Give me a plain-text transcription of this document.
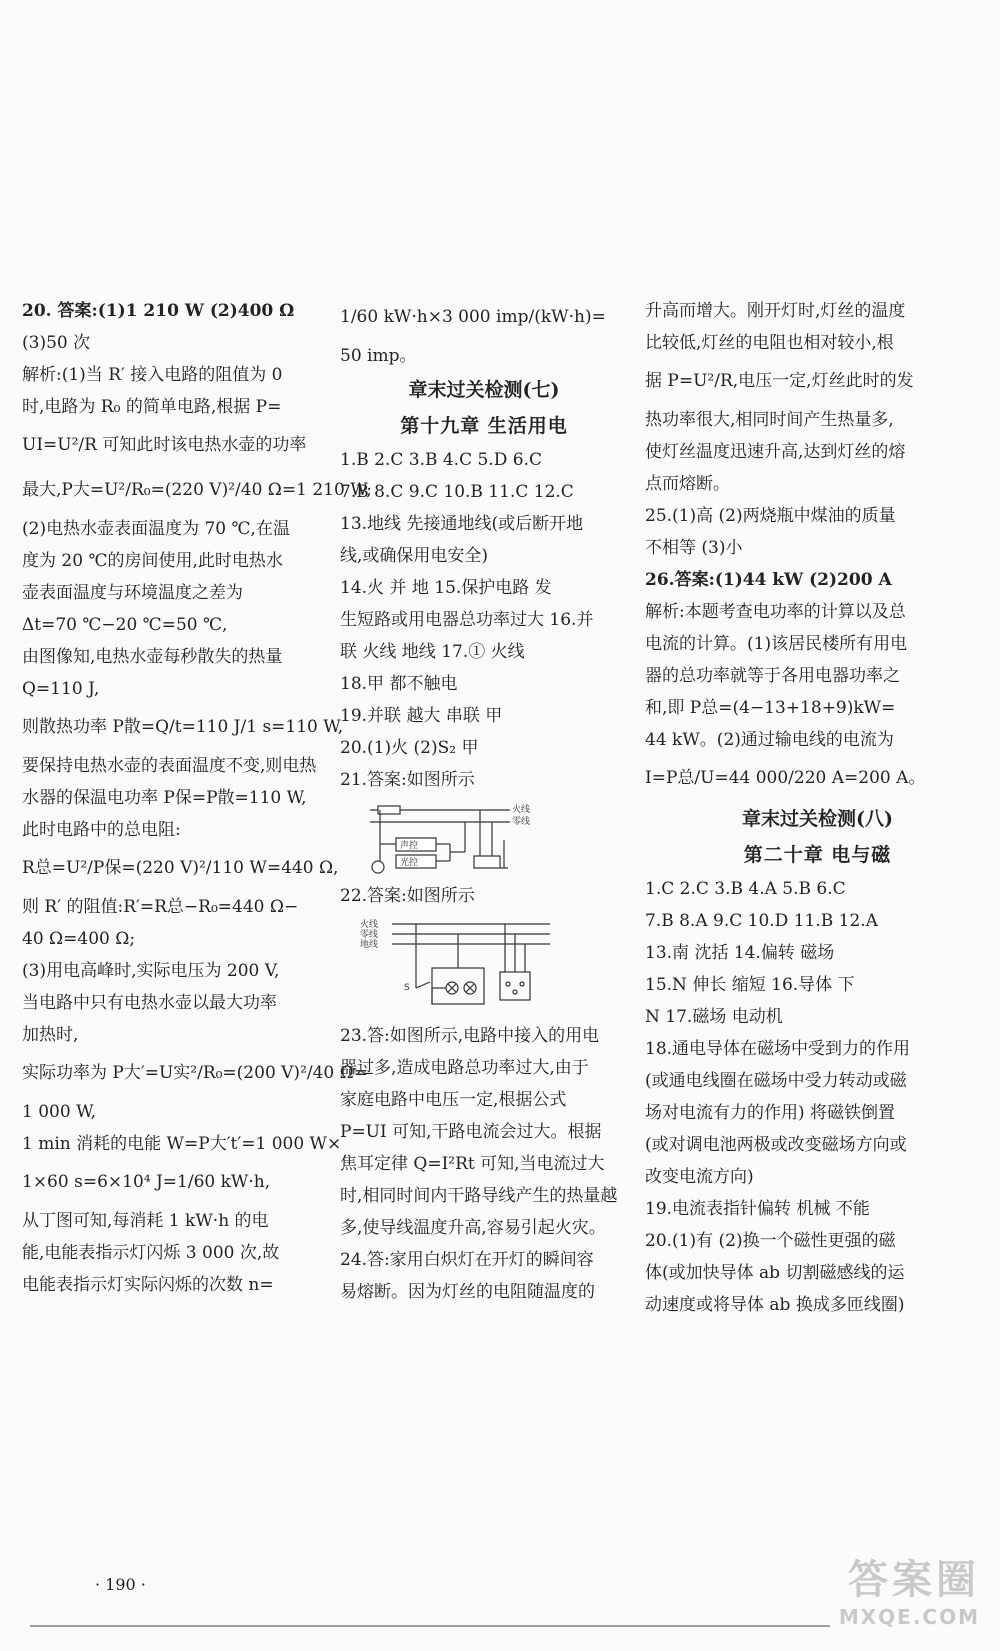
20. 答案:(1)1 210 W (2)400 Ω
(3)50 次
解析:(1)当 R′ 接入电路的阻值为 0
时,电路为 R₀ 的简单电路,根据 P=
UI=U²/R 可知此时该电热水壶的功率
最大,P大=U²/R₀=(220 V)²/40 Ω=1 210 W;
(2)电热水壶表面温度为 70 ℃,在温
度为 20 ℃的房间使用,此时电热水
壶表面温度与环境温度之差为
Δt=70 ℃−20 ℃=50 ℃,
由图像知,电热水壶每秒散失的热量
Q=110 J,
则散热功率 P散=Q/t=110 J/1 s=110 W,
要保持电热水壶的表面温度不变,则电热
水器的保温电功率 P保=P散=110 W,
此时电路中的总电阻:
R总=U²/P保=(220 V)²/110 W=440 Ω,
则 R′ 的阻值:R′=R总−R₀=440 Ω−
40 Ω=400 Ω;
(3)用电高峰时,实际电压为 200 V,
当电路中只有电热水壶以最大功率
加热时,
实际功率为 P大′=U实²/R₀=(200 V)²/40 Ω=
1 000 W,
1 min 消耗的电能 W=P大′t′=1 000 W×
1×60 s=6×10⁴ J=1/60 kW·h,
从丁图可知,每消耗 1 kW·h 的电
能,电能表指示灯闪烁 3 000 次,故
电能表指示灯实际闪烁的次数 n=
1/60 kW·h×3 000 imp/(kW·h)=
50 imp。
章末过关检测(七)
第十九章 生活用电
1.B 2.C 3.B 4.C 5.D 6.C
7.B 8.C 9.C 10.B 11.C 12.C
13.地线 先接通地线(或后断开地
线,或确保用电安全)
14.火 并 地 15.保护电路 发
生短路或用电器总功率过大 16.并
联 火线 地线 17.① 火线
18.甲 都不触电
19.并联 越大 串联 甲
20.(1)火 (2)S₂ 甲
21.答案:如图所示
火线
零线
声控
光控
22.答案:如图所示
火线
零线
地线
S
23.答:如图所示,电路中接入的用电
器过多,造成电路总功率过大,由于
家庭电路中电压一定,根据公式
P=UI 可知,干路电流会过大。根据
焦耳定律 Q=I²Rt 可知,当电流过大
时,相同时间内干路导线产生的热量越
多,使导线温度升高,容易引起火灾。
24.答:家用白炽灯在开灯的瞬间容
易熔断。因为灯丝的电阻随温度的
升高而增大。刚开灯时,灯丝的温度
比较低,灯丝的电阻也相对较小,根
据 P=U²/R,电压一定,灯丝此时的发
热功率很大,相同时间产生热量多,
使灯丝温度迅速升高,达到灯丝的熔
点而熔断。
25.(1)高 (2)两烧瓶中煤油的质量
不相等 (3)小
26.答案:(1)44 kW (2)200 A
解析:本题考查电功率的计算以及总
电流的计算。(1)该居民楼所有用电
器的总功率就等于各用电器功率之
和,即 P总=(4−13+18+9)kW=
44 kW。(2)通过输电线的电流为
I=P总/U=44 000/220 A=200 A。
章末过关检测(八)
第二十章 电与磁
1.C 2.C 3.B 4.A 5.B 6.C
7.B 8.A 9.C 10.D 11.B 12.A
13.南 沈括 14.偏转 磁场
15.N 伸长 缩短 16.导体 下
N 17.磁场 电动机
18.通电导体在磁场中受到力的作用
(或通电线圈在磁场中受力转动或磁
场对电流有力的作用) 将磁铁倒置
(或对调电池两极或改变磁场方向或
改变电流方向)
19.电流表指针偏转 机械 不能
20.(1)有 (2)换一个磁性更强的磁
体(或加快导体 ab 切割磁感线的运
动速度或将导体 ab 换成多匝线圈)
· 190 ·	答案圈
MXQE.COM
